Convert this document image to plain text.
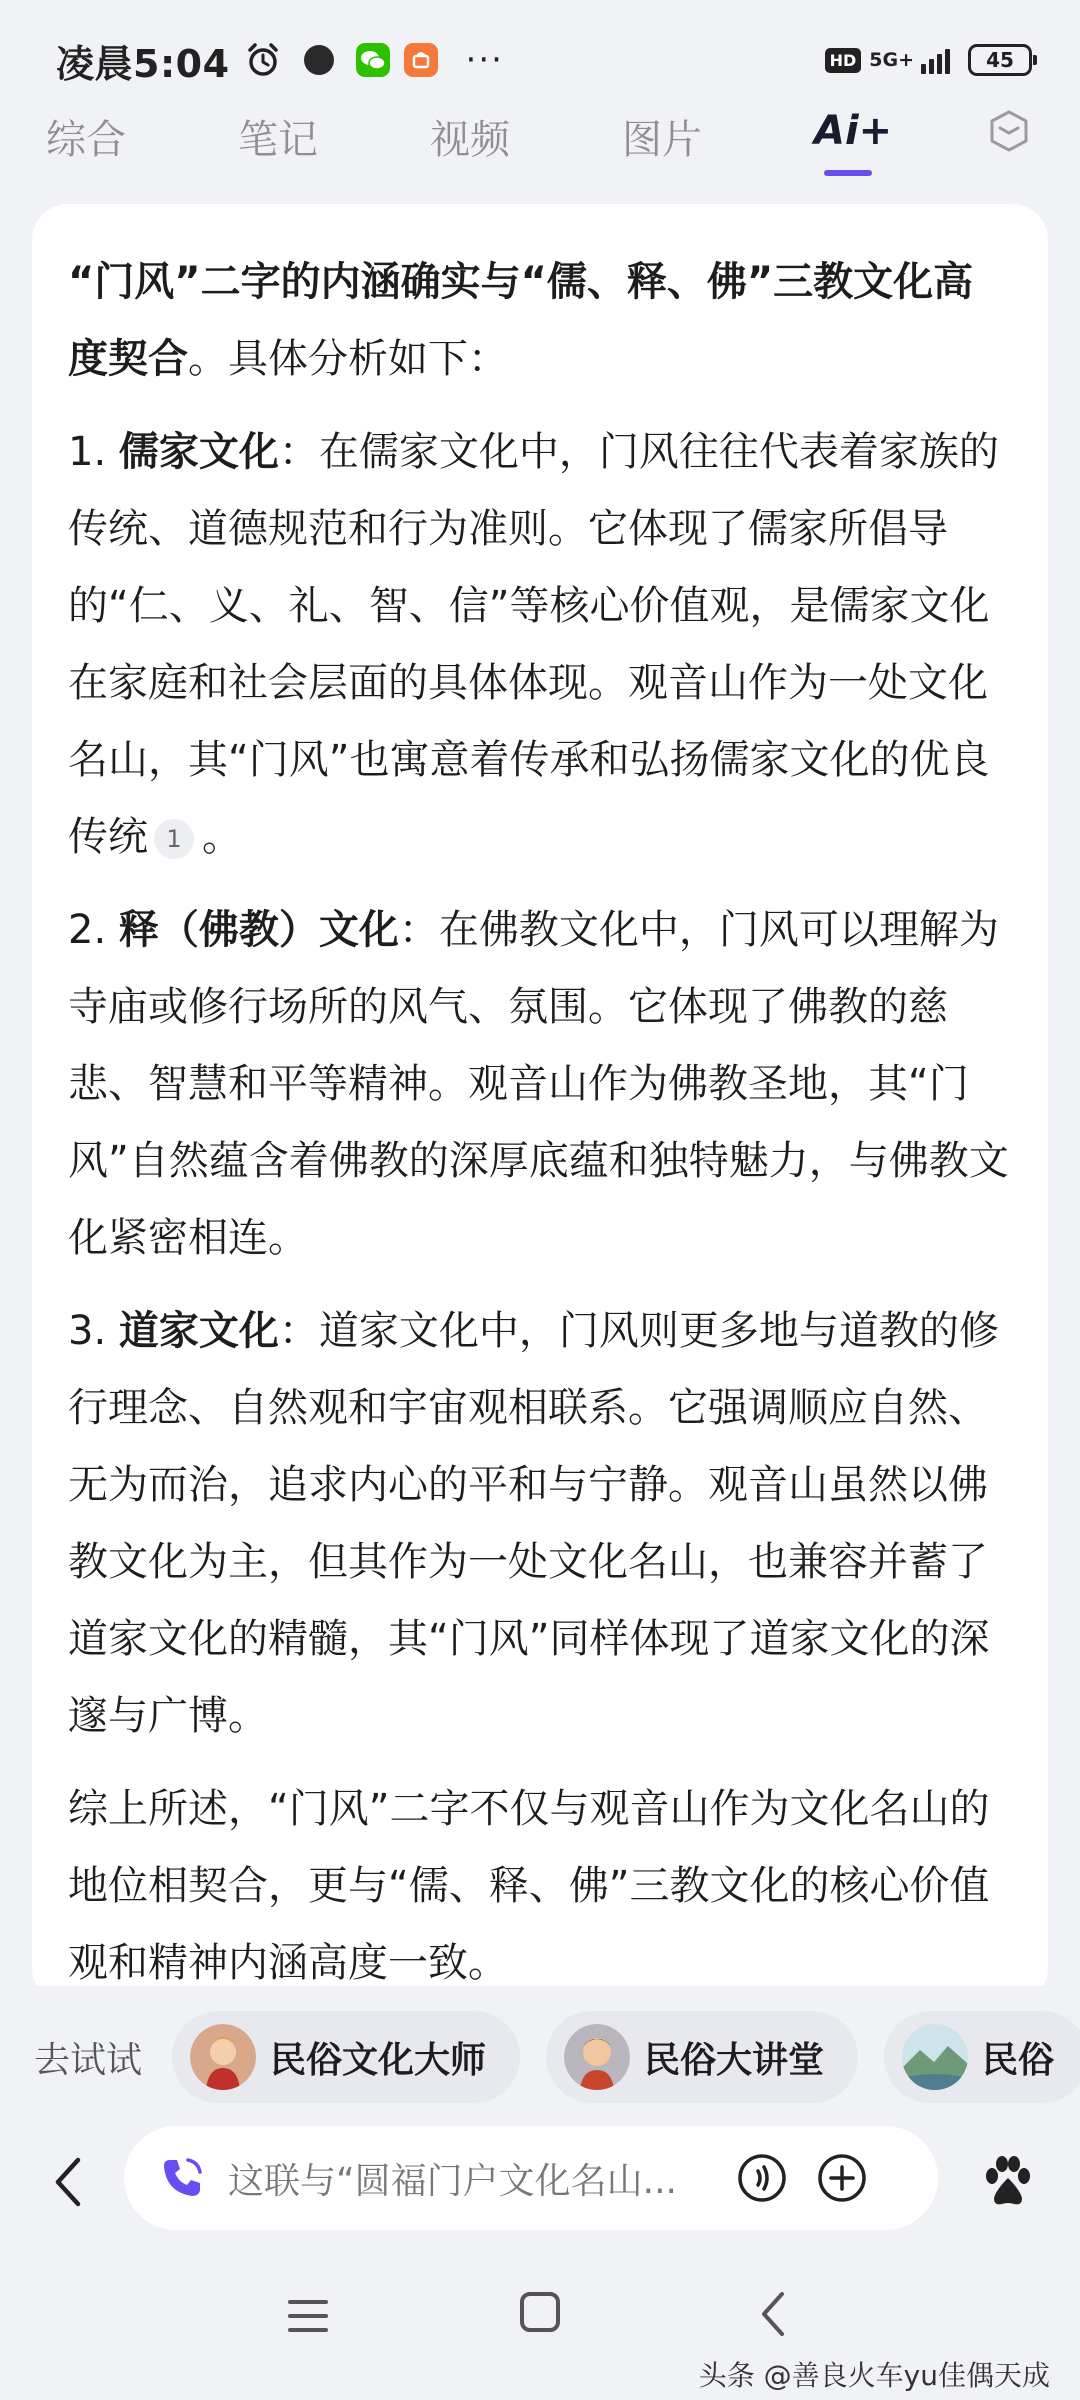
凌晨5:04	···	HD 5G+	45
综合	笔记	视频	图片	Ai+

“门风”二字的内涵确实与“儒、释、佛”三教文化高度契合。具体分析如下：

1. 儒家文化：在儒家文化中，门风往往代表着家族的传统、道德规范和行为准则。它体现了儒家所倡导的“仁、义、礼、智、信”等核心价值观，是儒家文化在家庭和社会层面的具体体现。观音山作为一处文化名山，其“门风”也寓意着传承和弘扬儒家文化的优良传统 1 。

2. 释（佛教）文化：在佛教文化中，门风可以理解为寺庙或修行场所的风气、氛围。它体现了佛教的慈悲、智慧和平等精神。观音山作为佛教圣地，其“门风”自然蕴含着佛教的深厚底蕴和独特魅力，与佛教文化紧密相连。

3. 道家文化：道家文化中，门风则更多地与道教的修行理念、自然观和宇宙观相联系。它强调顺应自然、无为而治，追求内心的平和与宁静。观音山虽然以佛教文化为主，但其作为一处文化名山，也兼容并蓄了道家文化的精髓，其“门风”同样体现了道家文化的深邃与广博。

综上所述，“门风”二字不仅与观音山作为文化名山的地位相契合，更与“儒、释、佛”三教文化的核心价值观和精神内涵高度一致。

去试试	民俗文化大师	民俗大讲堂	民俗
这联与“圆福门户文化名山...
头条 @善良火车yu佳偶天成
